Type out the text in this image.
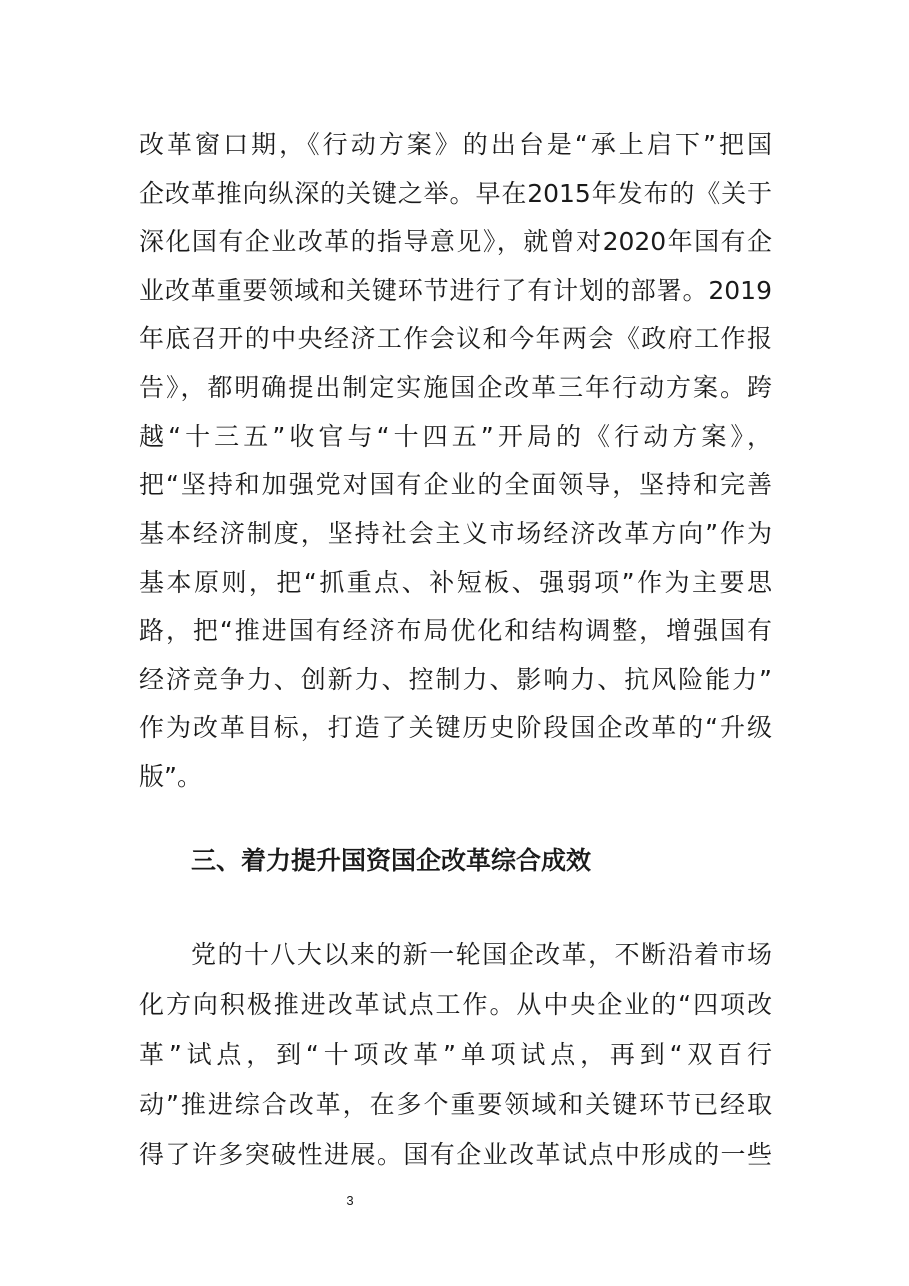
改革窗口期，《行动方案》的出台是“承上启下”把国
企改革推向纵深的关键之举。早在2015年发布的《关于
深化国有企业改革的指导意见》，就曾对2020年国有企
业改革重要领域和关键环节进行了有计划的部署。2019
年底召开的中央经济工作会议和今年两会《政府工作报
告》，都明确提出制定实施国企改革三年行动方案。跨
越“十三五”收官与“十四五”开局的《行动方案》，
把“坚持和加强党对国有企业的全面领导，坚持和完善
基本经济制度，坚持社会主义市场经济改革方向”作为
基本原则，把“抓重点、补短板、强弱项”作为主要思
路，把“推进国有经济布局优化和结构调整，增强国有
经济竞争力、创新力、控制力、影响力、抗风险能力”
作为改革目标，打造了关键历史阶段国企改革的“升级
版”。
三、着力提升国资国企改革综合成效
党的十八大以来的新一轮国企改革，不断沿着市场
化方向积极推进改革试点工作。从中央企业的“四项改
革”试点，到“十项改革”单项试点，再到“双百行
动”推进综合改革，在多个重要领域和关键环节已经取
得了许多突破性进展。国有企业改革试点中形成的一些
3
